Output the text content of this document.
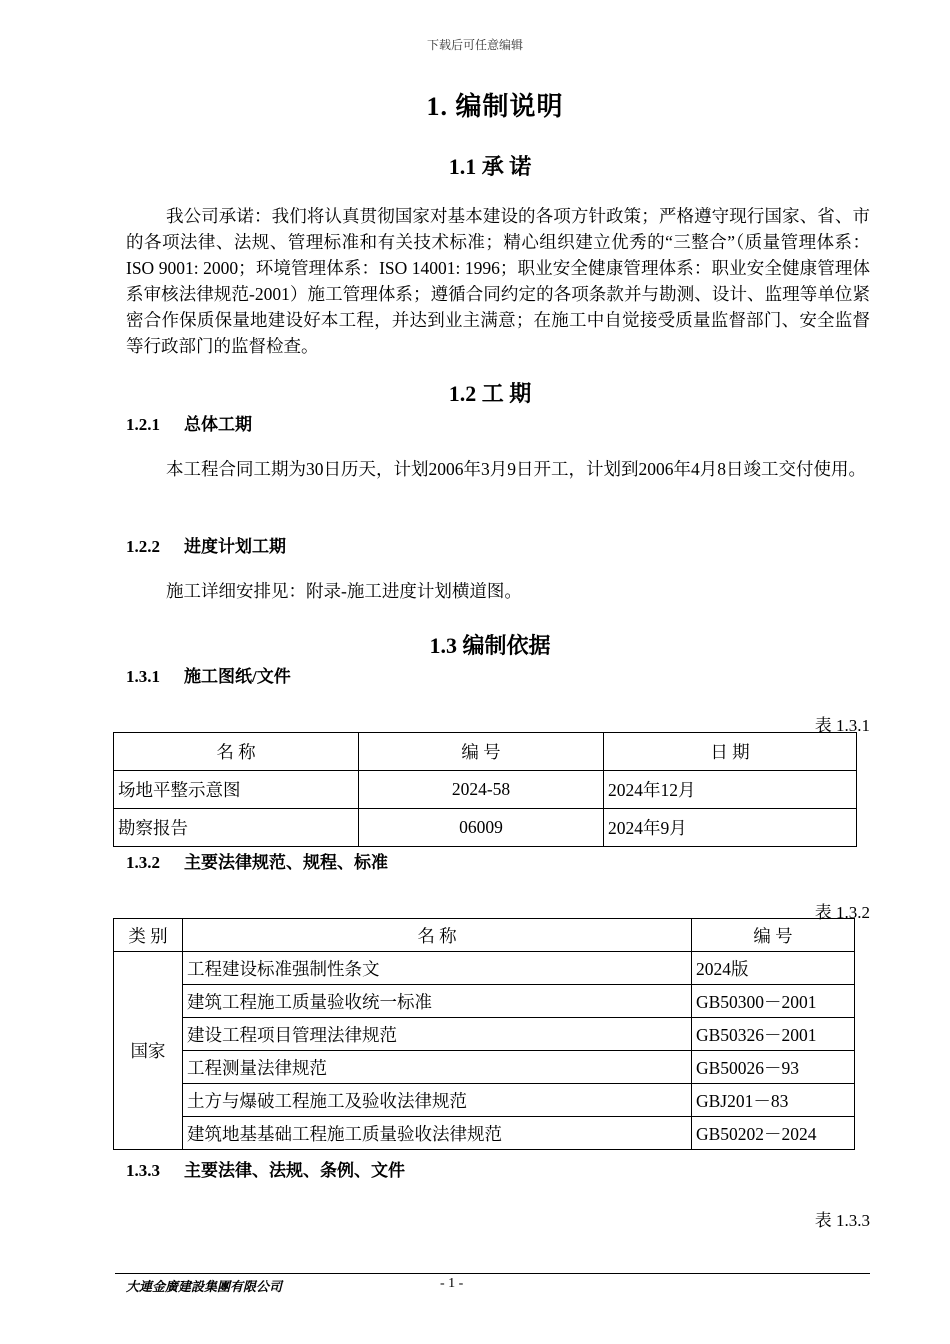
下载后可任意编辑
1. 编制说明
1.1 承 诺
我公司承诺：我们将认真贯彻国家对基本建设的各项方针政策；严格遵守现行国家、省、市的各项法律、法规、管理标准和有关技术标准；精心组织建立优秀的“三整合”（质量管理体系：ISO 9001: 2000；环境管理体系：ISO 14001: 1996；职业安全健康管理体系：职业安全健康管理体系审核法律规范-2001）施工管理体系；遵循合同约定的各项条款并与勘测、设计、监理等单位紧密合作保质保量地建设好本工程，并达到业主满意；在施工中自觉接受质量监督部门、安全监督等行政部门的监督检查。
1.2 工 期
1.2.1 总体工期
本工程合同工期为30日历天，计划2006年3月9日开工，计划到2006年4月8日竣工交付使用。
1.2.2 进度计划工期
施工详细安排见：附录-施工进度计划横道图。
1.3 编制依据
1.3.1 施工图纸/文件
表 1.3.1
名 称	编 号	日 期
场地平整示意图	2024-58	2024年12月
勘察报告	06009	2024年9月
1.3.2 主要法律规范、规程、标准
表 1.3.2
类 别	名 称	编 号
国家	工程建设标准强制性条文	2024版
	建筑工程施工质量验收统一标准	GB50300－2001
	建设工程项目管理法律规范	GB50326－2001
	工程测量法律规范	GB50026－93
	土方与爆破工程施工及验收法律规范	GBJ201－83
	建筑地基基础工程施工质量验收法律规范	GB50202－2024
1.3.3 主要法律、法规、条例、文件
表 1.3.3
大連金廣建設集團有限公司	- 1 -
